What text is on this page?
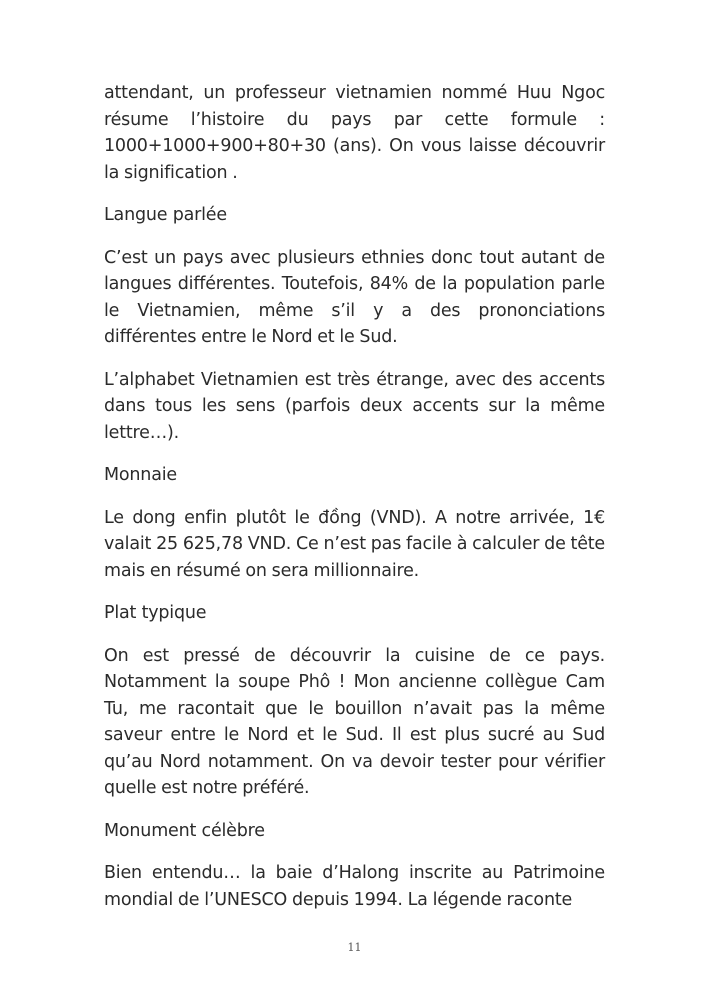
attendant, un professeur vietnamien nommé Huu Ngoc résume l’histoire du pays par cette formule : 1000+1000+900+80+30 (ans). On vous laisse découvrir la signification .

Langue parlée

C’est un pays avec plusieurs ethnies donc tout autant de langues différentes. Toutefois, 84% de la population parle le Vietnamien, même s’il y a des prononciations différentes entre le Nord et le Sud.

L’alphabet Vietnamien est très étrange, avec des accents dans tous les sens (parfois deux accents sur la même lettre…).

Monnaie

Le dong enfin plutôt le đồng (VND). A notre arrivée, 1€ valait 25 625,78 VND. Ce n’est pas facile à calculer de tête mais en résumé on sera millionnaire.

Plat typique

On est pressé de découvrir la cuisine de ce pays. Notamment la soupe Phô ! Mon ancienne collègue Cam Tu, me racontait que le bouillon n’avait pas la même saveur entre le Nord et le Sud. Il est plus sucré au Sud qu’au Nord notamment. On va devoir tester pour vérifier quelle est notre préféré.

Monument célèbre

Bien entendu… la baie d’Halong inscrite au Patrimoine mondial de l’UNESCO depuis 1994. La légende raconte

11
